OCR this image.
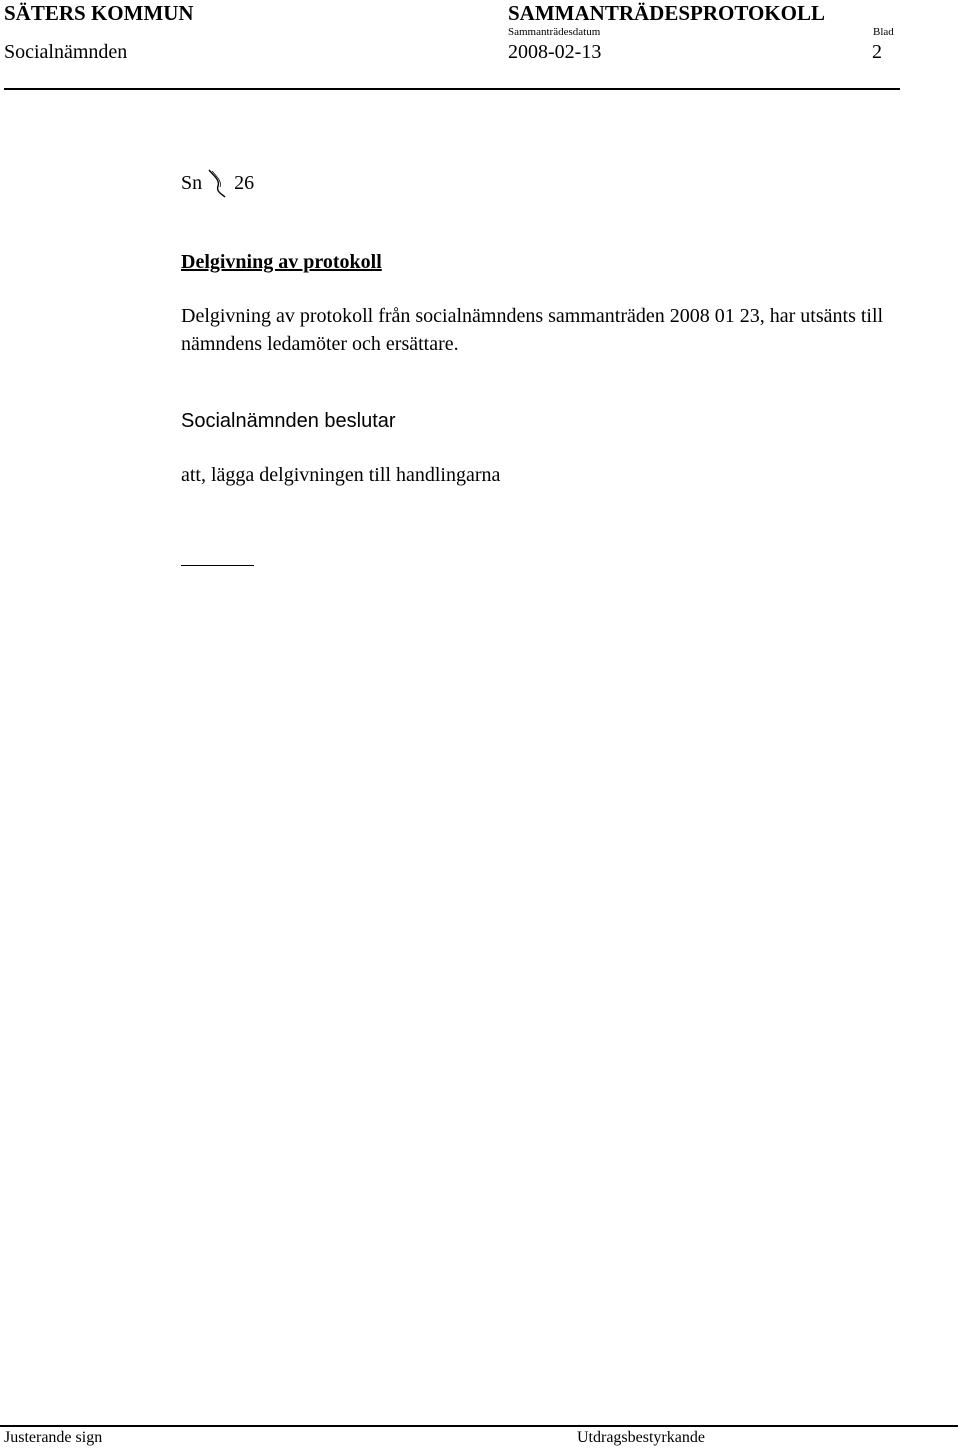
SÄTERS KOMMUN	SAMMANTRÄDESPROTOKOLL
Sammanträdesdatum	Blad
Socialnämnden	2008-02-13	2
Sn 26
Delgivning av protokoll
Delgivning av protokoll från socialnämndens sammanträden 2008 01 23, har utsänts till nämndens ledamöter och ersättare.
Socialnämnden beslutar
att, lägga delgivningen till handlingarna
Justerande sign	Utdragsbestyrkande
